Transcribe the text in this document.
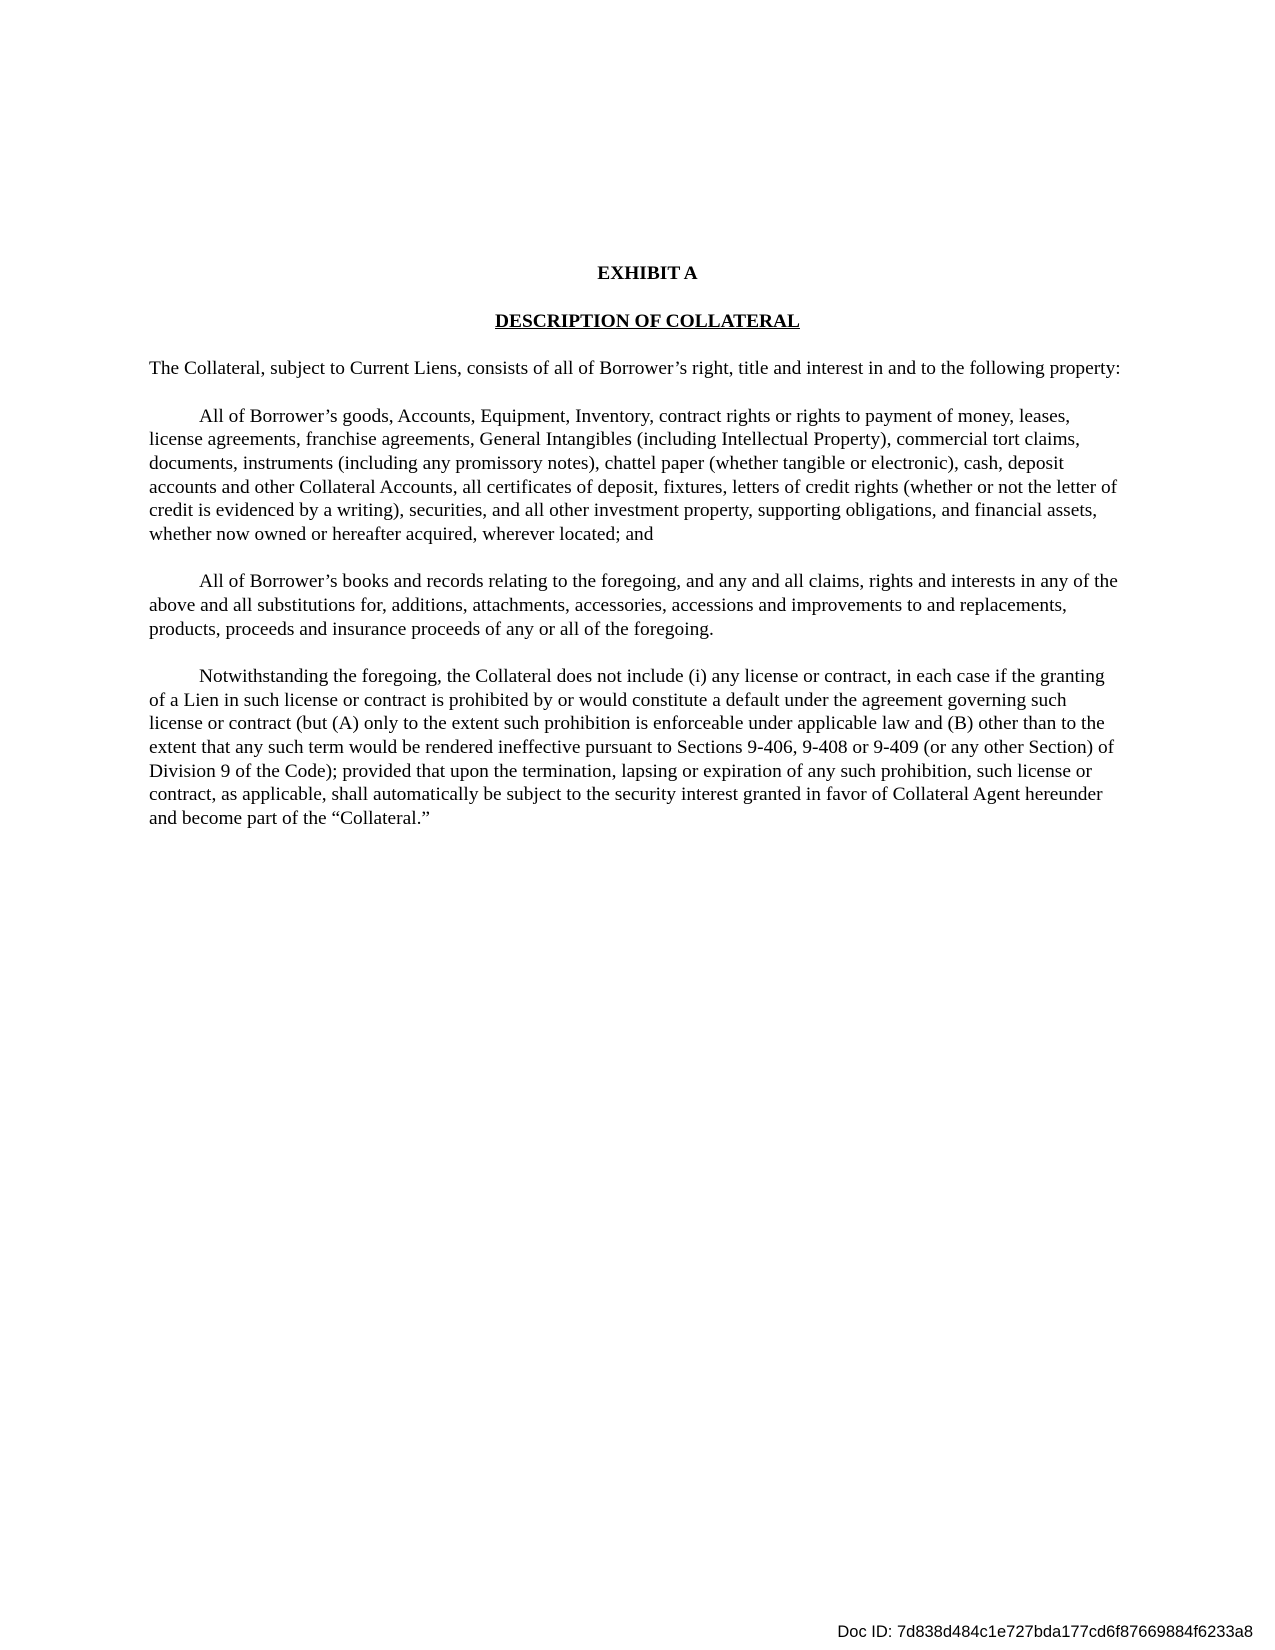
EXHIBIT A

DESCRIPTION OF COLLATERAL

The Collateral, subject to Current Liens, consists of all of Borrower’s right, title and interest in and to the following property:

All of Borrower’s goods, Accounts, Equipment, Inventory, contract rights or rights to payment of money, leases, license agreements, franchise agreements, General Intangibles (including Intellectual Property), commercial tort claims, documents, instruments (including any promissory notes), chattel paper (whether tangible or electronic), cash, deposit accounts and other Collateral Accounts, all certificates of deposit, fixtures, letters of credit rights (whether or not the letter of credit is evidenced by a writing), securities, and all other investment property, supporting obligations, and financial assets, whether now owned or hereafter acquired, wherever located; and

All of Borrower’s books and records relating to the foregoing, and any and all claims, rights and interests in any of the above and all substitutions for, additions, attachments, accessories, accessions and improvements to and replacements, products, proceeds and insurance proceeds of any or all of the foregoing.

Notwithstanding the foregoing, the Collateral does not include (i) any license or contract, in each case if the granting of a Lien in such license or contract is prohibited by or would constitute a default under the agreement governing such license or contract (but (A) only to the extent such prohibition is enforceable under applicable law and (B) other than to the extent that any such term would be rendered ineffective pursuant to Sections 9-406, 9-408 or 9-409 (or any other Section) of Division 9 of the Code); provided that upon the termination, lapsing or expiration of any such prohibition, such license or contract, as applicable, shall automatically be subject to the security interest granted in favor of Collateral Agent hereunder and become part of the “Collateral.”

Doc ID: 7d838d484c1e727bda177cd6f87669884f6233a8
